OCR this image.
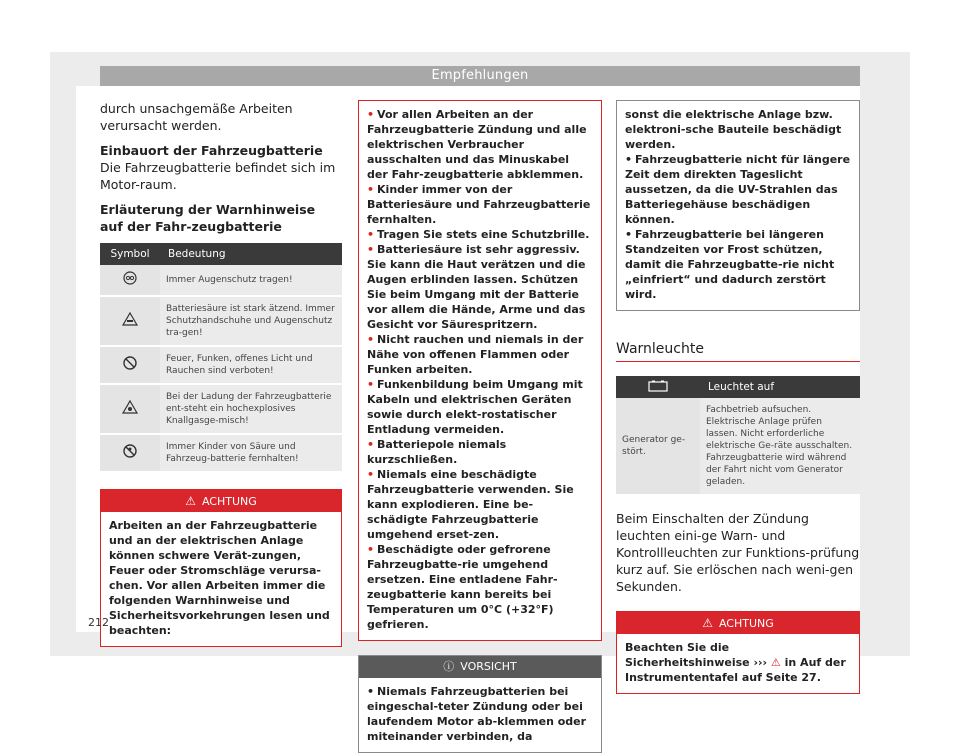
Empfehlungen

durch unsachgemäße Arbeiten verursacht werden.

Einbauort der Fahrzeugbatterie

Die Fahrzeugbatterie befindet sich im Motor-raum.

Erläuterung der Warnhinweise auf der Fahr-zeugbatterie
Symbol	Bedeutung
	Immer Augenschutz tragen!
	Batteriesäure ist stark ätzend. Immer Schutzhandschuhe und Augenschutz tra-gen!
	Feuer, Funken, offenes Licht und Rauchen sind verboten!
	Bei der Ladung der Fahrzeugbatterie ent-steht ein hochexplosives Knallgasge-misch!
	Immer Kinder von Säure und Fahrzeug-batterie fernhalten!
⚠ ACHTUNG
Arbeiten an der Fahrzeugbatterie und an der elektrischen Anlage können schwere Verät-zungen, Feuer oder Stromschläge verursa-chen. Vor allen Arbeiten immer die folgenden Warnhinweise und Sicherheitsvorkehrungen lesen und beachten:
• Vor allen Arbeiten an der Fahrzeugbatterie Zündung und alle elektrischen Verbraucher ausschalten und das Minuskabel der Fahr-zeugbatterie abklemmen.
• Kinder immer von der Batteriesäure und Fahrzeugbatterie fernhalten.
• Tragen Sie stets eine Schutzbrille.
• Batteriesäure ist sehr aggressiv. Sie kann die Haut verätzen und die Augen erblinden lassen. Schützen Sie beim Umgang mit der Batterie vor allem die Hände, Arme und das Gesicht vor Säurespritzern.
• Nicht rauchen und niemals in der Nähe von offenen Flammen oder Funken arbeiten.
• Funkenbildung beim Umgang mit Kabeln und elektrischen Geräten sowie durch elekt-rostatischer Entladung vermeiden.
• Batteriepole niemals kurzschließen.
• Niemals eine beschädigte Fahrzeugbatterie verwenden. Sie kann explodieren. Eine be-schädigte Fahrzeugbatterie umgehend erset-zen.
• Beschädigte oder gefrorene Fahrzeugbatte-rie umgehend ersetzen. Eine entladene Fahr-zeugbatterie kann bereits bei Temperaturen um 0°C (+32°F) gefrieren.
ⓘ VORSICHT
• Niemals Fahrzeugbatterien bei eingeschal-teter Zündung oder bei laufendem Motor ab-klemmen oder miteinander verbinden, da
sonst die elektrische Anlage bzw. elektroni-sche Bauteile beschädigt werden.
• Fahrzeugbatterie nicht für längere Zeit dem direkten Tageslicht aussetzen, da die UV-Strahlen das Batteriegehäuse beschädigen können.
• Fahrzeugbatterie bei längeren Standzeiten vor Frost schützen, damit die Fahrzeugbatte-rie nicht „einfriert“ und dadurch zerstört wird.
Warnleuchte
	Leuchtet auf
Generator ge-stört.	Fachbetrieb aufsuchen. Elektrische Anlage prüfen lassen. Nicht erforderliche elektrische Ge-räte ausschalten. Fahrzeugbatterie wird während der Fahrt nicht vom Generator geladen.

Beim Einschalten der Zündung leuchten eini-ge Warn- und Kontrollleuchten zur Funktions-prüfung kurz auf. Sie erlöschen nach weni-gen Sekunden.

⚠ ACHTUNG
Beachten Sie die Sicherheitshinweise ››› ⚠ in Auf der Instrumententafel auf Seite 27.
212
